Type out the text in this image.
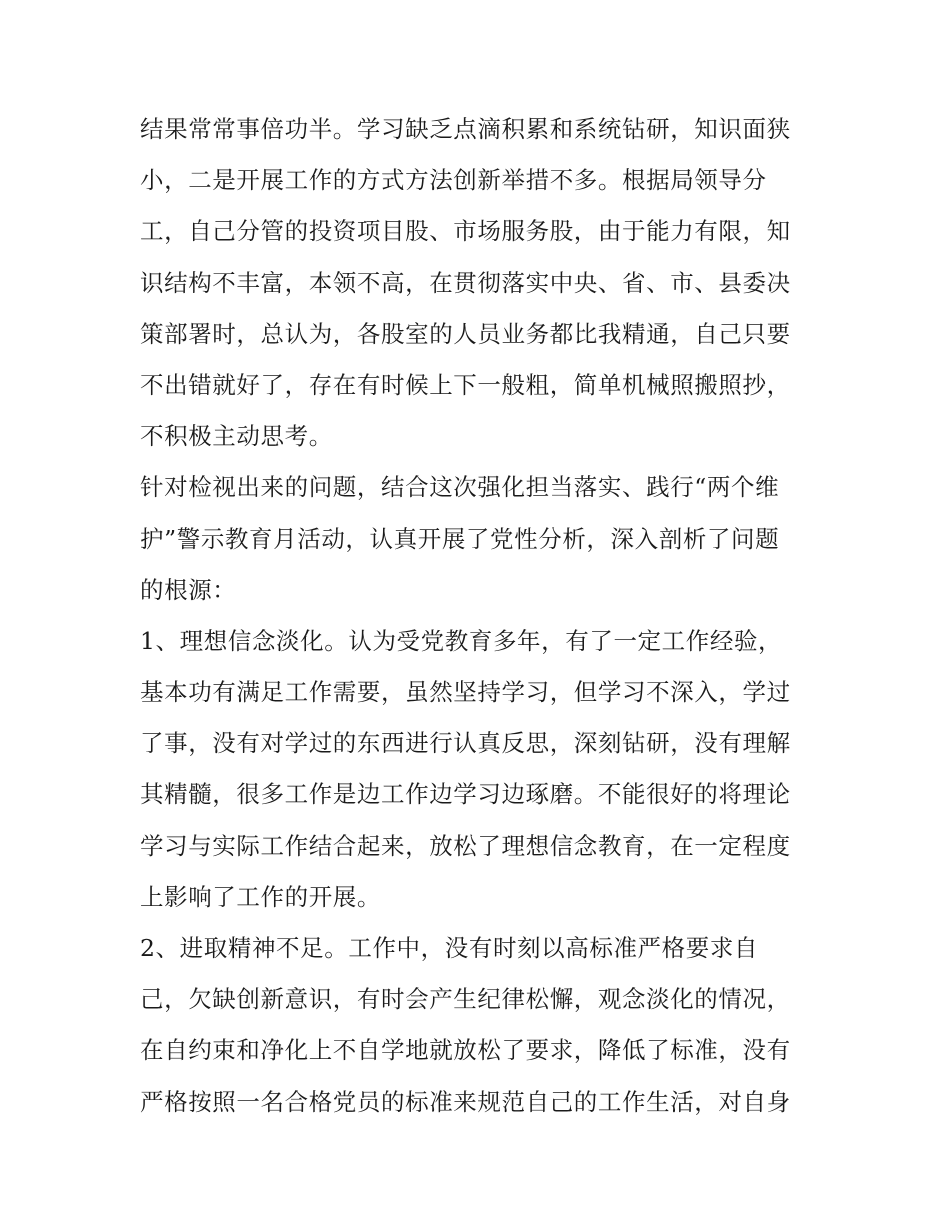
结果常常事倍功半。学习缺乏点滴积累和系统钻研，知识面狭
小，二是开展工作的方式方法创新举措不多。根据局领导分
工，自己分管的投资项目股、市场服务股，由于能力有限，知
识结构不丰富，本领不高，在贯彻落实中央、省、市、县委决
策部署时，总认为，各股室的人员业务都比我精通，自己只要
不出错就好了，存在有时候上下一般粗，简单机械照搬照抄，
不积极主动思考。
针对检视出来的问题，结合这次强化担当落实、践行“两个维
护”警示教育月活动，认真开展了党性分析，深入剖析了问题
的根源：
1、理想信念淡化。认为受党教育多年，有了一定工作经验，
基本功有满足工作需要，虽然坚持学习，但学习不深入，学过
了事，没有对学过的东西进行认真反思，深刻钻研，没有理解
其精髓，很多工作是边工作边学习边琢磨。不能很好的将理论
学习与实际工作结合起来，放松了理想信念教育，在一定程度
上影响了工作的开展。
2、进取精神不足。工作中，没有时刻以高标准严格要求自
己，欠缺创新意识，有时会产生纪律松懈，观念淡化的情况，
在自约束和净化上不自学地就放松了要求，降低了标准，没有
严格按照一名合格党员的标准来规范自己的工作生活，对自身
